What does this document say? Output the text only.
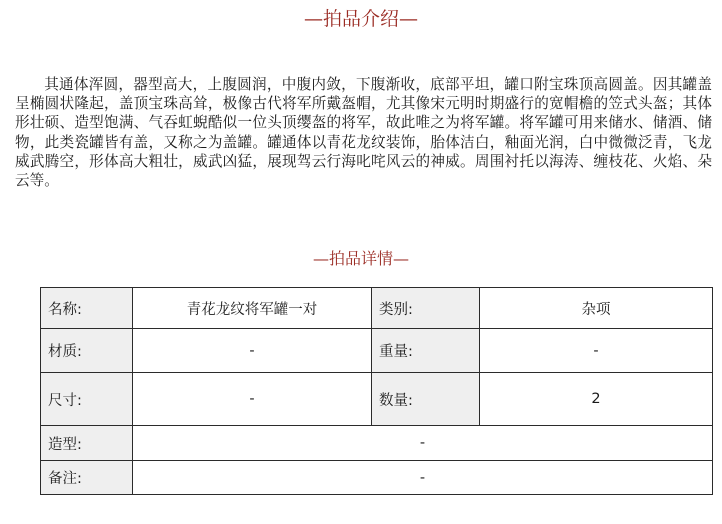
—拍品介绍—

其通体浑圆，器型高大，上腹圆润，中腹内敛，下腹渐收，底部平坦，罐口附宝珠顶高圆盖。因其罐盖呈椭圆状隆起，盖顶宝珠高耸，极像古代将军所戴盔帽，尤其像宋元明时期盛行的宽帽檐的笠式头盔；其体形壮硕、造型饱满、气吞虹蜺酷似一位头顶缨盔的将军，故此唯之为将军罐。将军罐可用来储水、储酒、储物，此类瓷罐皆有盖，又称之为盖罐。罐通体以青花龙纹装饰，胎体洁白，釉面光润，白中微微泛青，飞龙威武腾空，形体高大粗壮，威武凶猛，展现驾云行海叱咤风云的神威。周围衬托以海涛、缠枝花、火焰、朵云等。

—拍品详情—
名称:	青花龙纹将军罐一对	类别:	杂项
材质:	-	重量:	-
尺寸:	-	数量:	2
造型:	-		
备注:	-		
